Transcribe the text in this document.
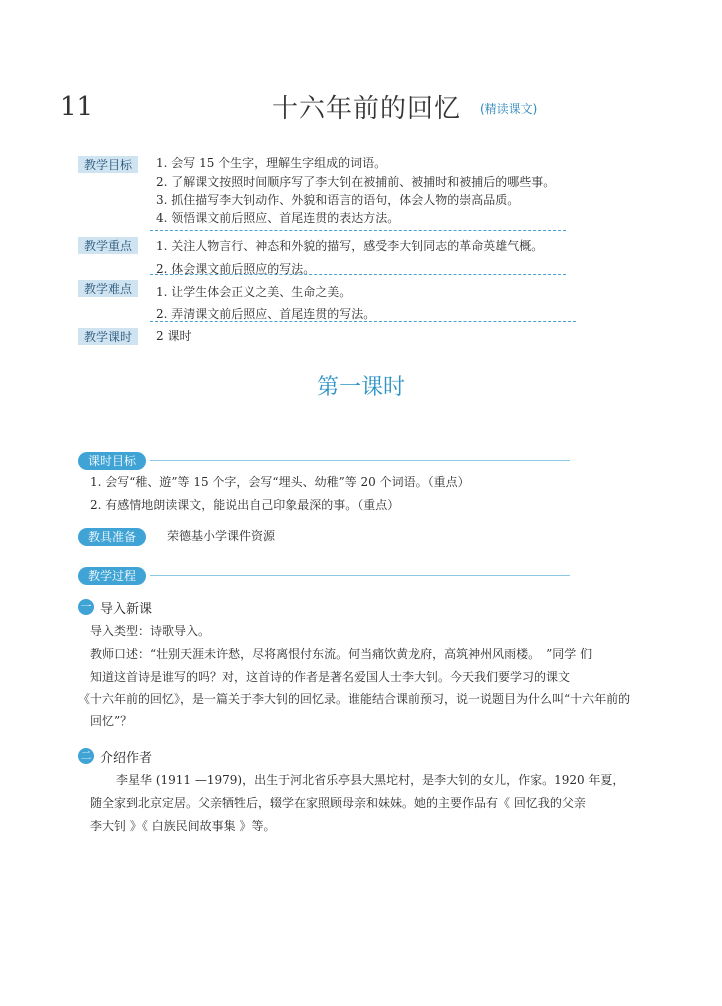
11	十六年前的回忆 (精读课文)
教学目标	1. 会写 15 个生字，理解生字组成的词语。
2. 了解课文按照时间顺序写了李大钊在被捕前、被捕时和被捕后的哪些事。
3. 抓住描写李大钊动作、外貌和语言的语句，体会人物的崇高品质。
4. 领悟课文前后照应、首尾连贯的表达方法。
教学重点	1. 关注人物言行、神态和外貌的描写，感受李大钊同志的革命英雄气概。
2. 体会课文前后照应的写法。
教学难点	1. 让学生体会正义之美、生命之美。
2. 弄清课文前后照应、首尾连贯的写法。
教学课时	2 课时
第一课时
课时目标
1. 会写“稚、遊”等 15 个字，会写“埋头、幼稚”等 20 个词语。（重点）
2. 有感情地朗读课文，能说出自己印象最深的事。（重点）
教具准备	荣德基小学课件资源
教学过程
一 导入新课
导入类型：诗歌导入。
教师口述：“壮别天涯未许愁，尽将离恨付东流。何当痛饮黄龙府，高筑神州风雨楼。　”同学 们
知道这首诗是谁写的吗？对，这首诗的作者是著名爱国人士李大钊。今天我们要学习的课文
《十六年前的回忆》，是一篇关于李大钊的回忆录。谁能结合课前预习，说一说题目为什么叫“十六年前的
回忆”？
二 介绍作者
李星华 (1911 —1979)，出生于河北省乐亭县大黑坨村，是李大钊的女儿，作家。1920 年夏，
随全家到北京定居。父亲牺牲后，辍学在家照顾母亲和妹妹。她的主要作品有《 回忆我的父亲
李大钊 》《 白族民间故事集 》等。
